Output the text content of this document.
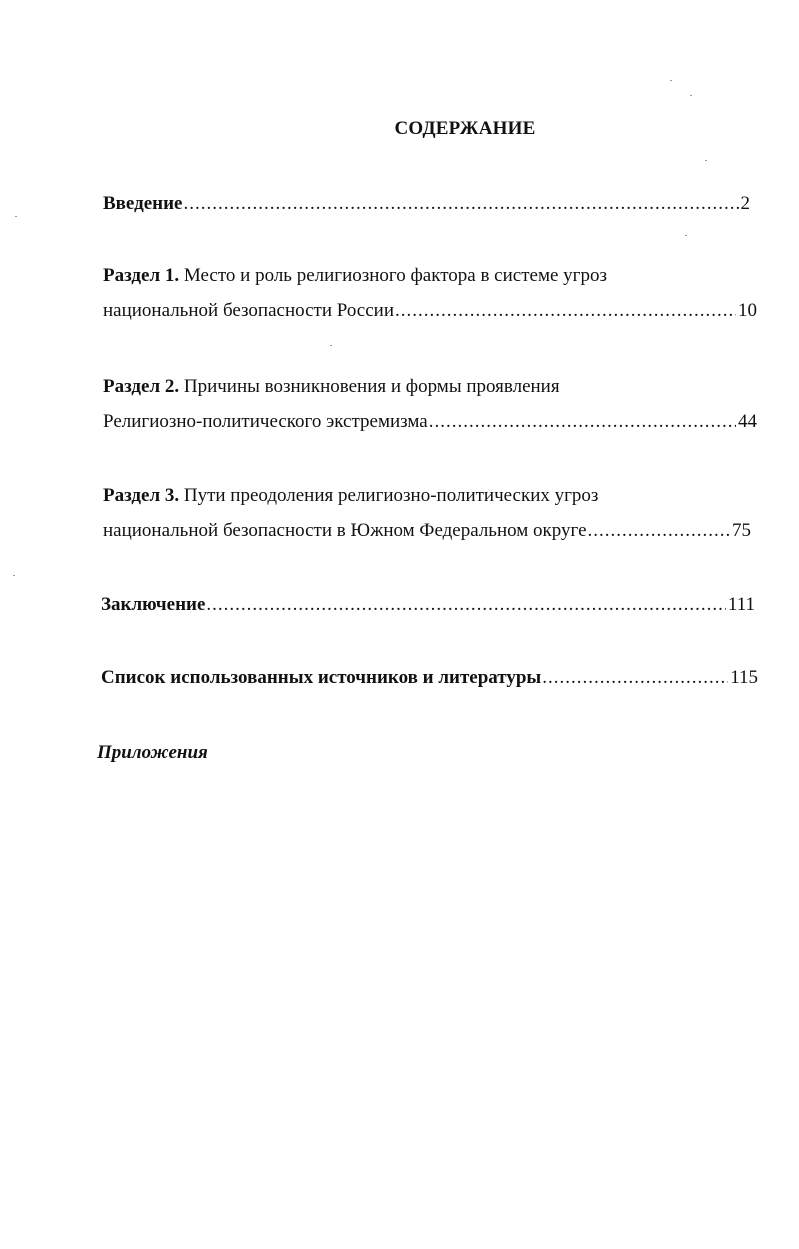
СОДЕРЖАНИЕ
Введение .....	2
Раздел 1. Место и роль религиозного фактора в системе угроз
национальной безопасности России .....	10
Раздел 2. Причины возникновения и формы проявления
Религиозно-политического экстремизма .....	44
Раздел 3. Пути преодоления религиозно-политических угроз
национальной безопасности в Южном Федеральном округе .....	75
Заключение .....	111
Список использованных источников и литературы .....	115
Приложения
